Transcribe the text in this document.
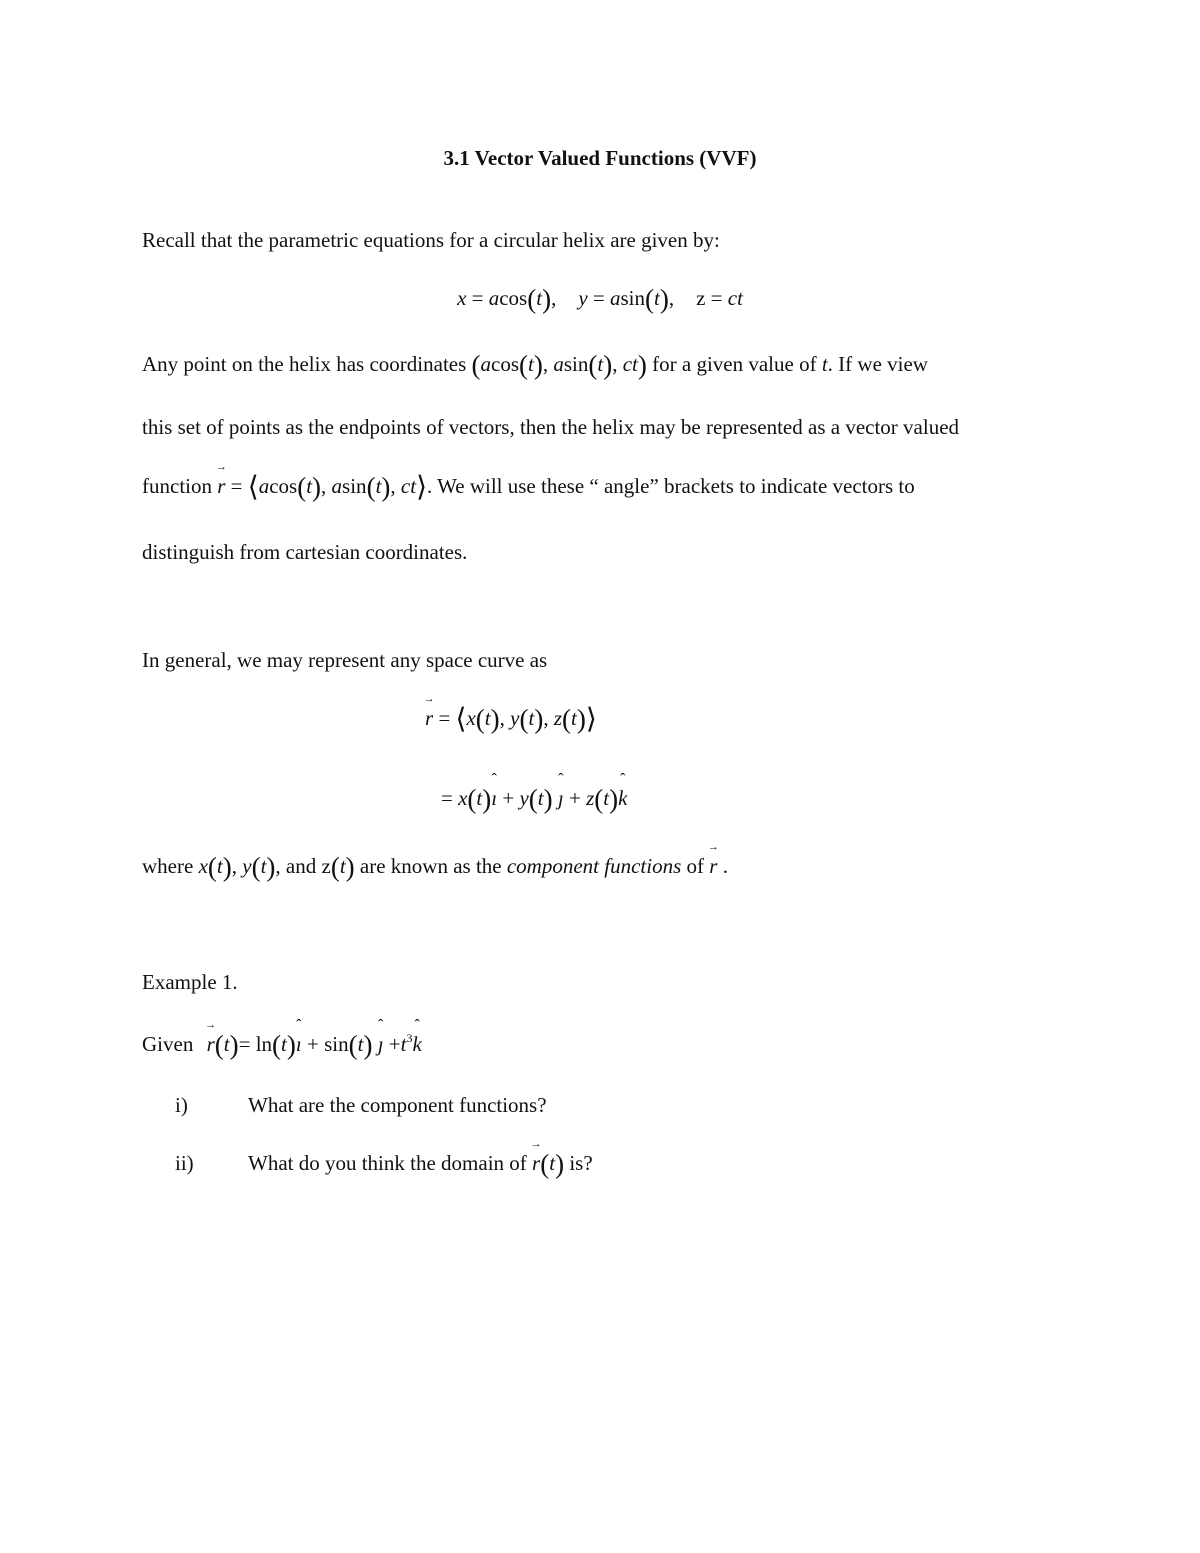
3.1 Vector Valued Functions (VVF)
Recall that the parametric equations for a circular helix are given by:
x = acos(t), y = asin(t), z = ct
Any point on the helix has coordinates (acos(t), asin(t), ct) for a given value of t. If we view
this set of points as the endpoints of vectors, then the helix may be represented as a vector valued
function → r = ⟨acos(t), asin(t), ct⟩. We will use these “ angle” brackets to indicate vectors to
distinguish from cartesian coordinates.
In general, we may represent any space curve as
→ r = ⟨x(t), y(t), z(t)⟩
= x(t)ˆ ı + y(t) ˆ ȷ + z(t)ˆ k
where x(t), y(t), and z(t) are known as the component functions of → r .
Example 1.
Given → r(t)= ln(t)ˆ ı + sin(t) ˆ ȷ $+t^3ˆ$ k
i)	What are the component functions?
ii)	What do you think the domain of → r(t) is?
